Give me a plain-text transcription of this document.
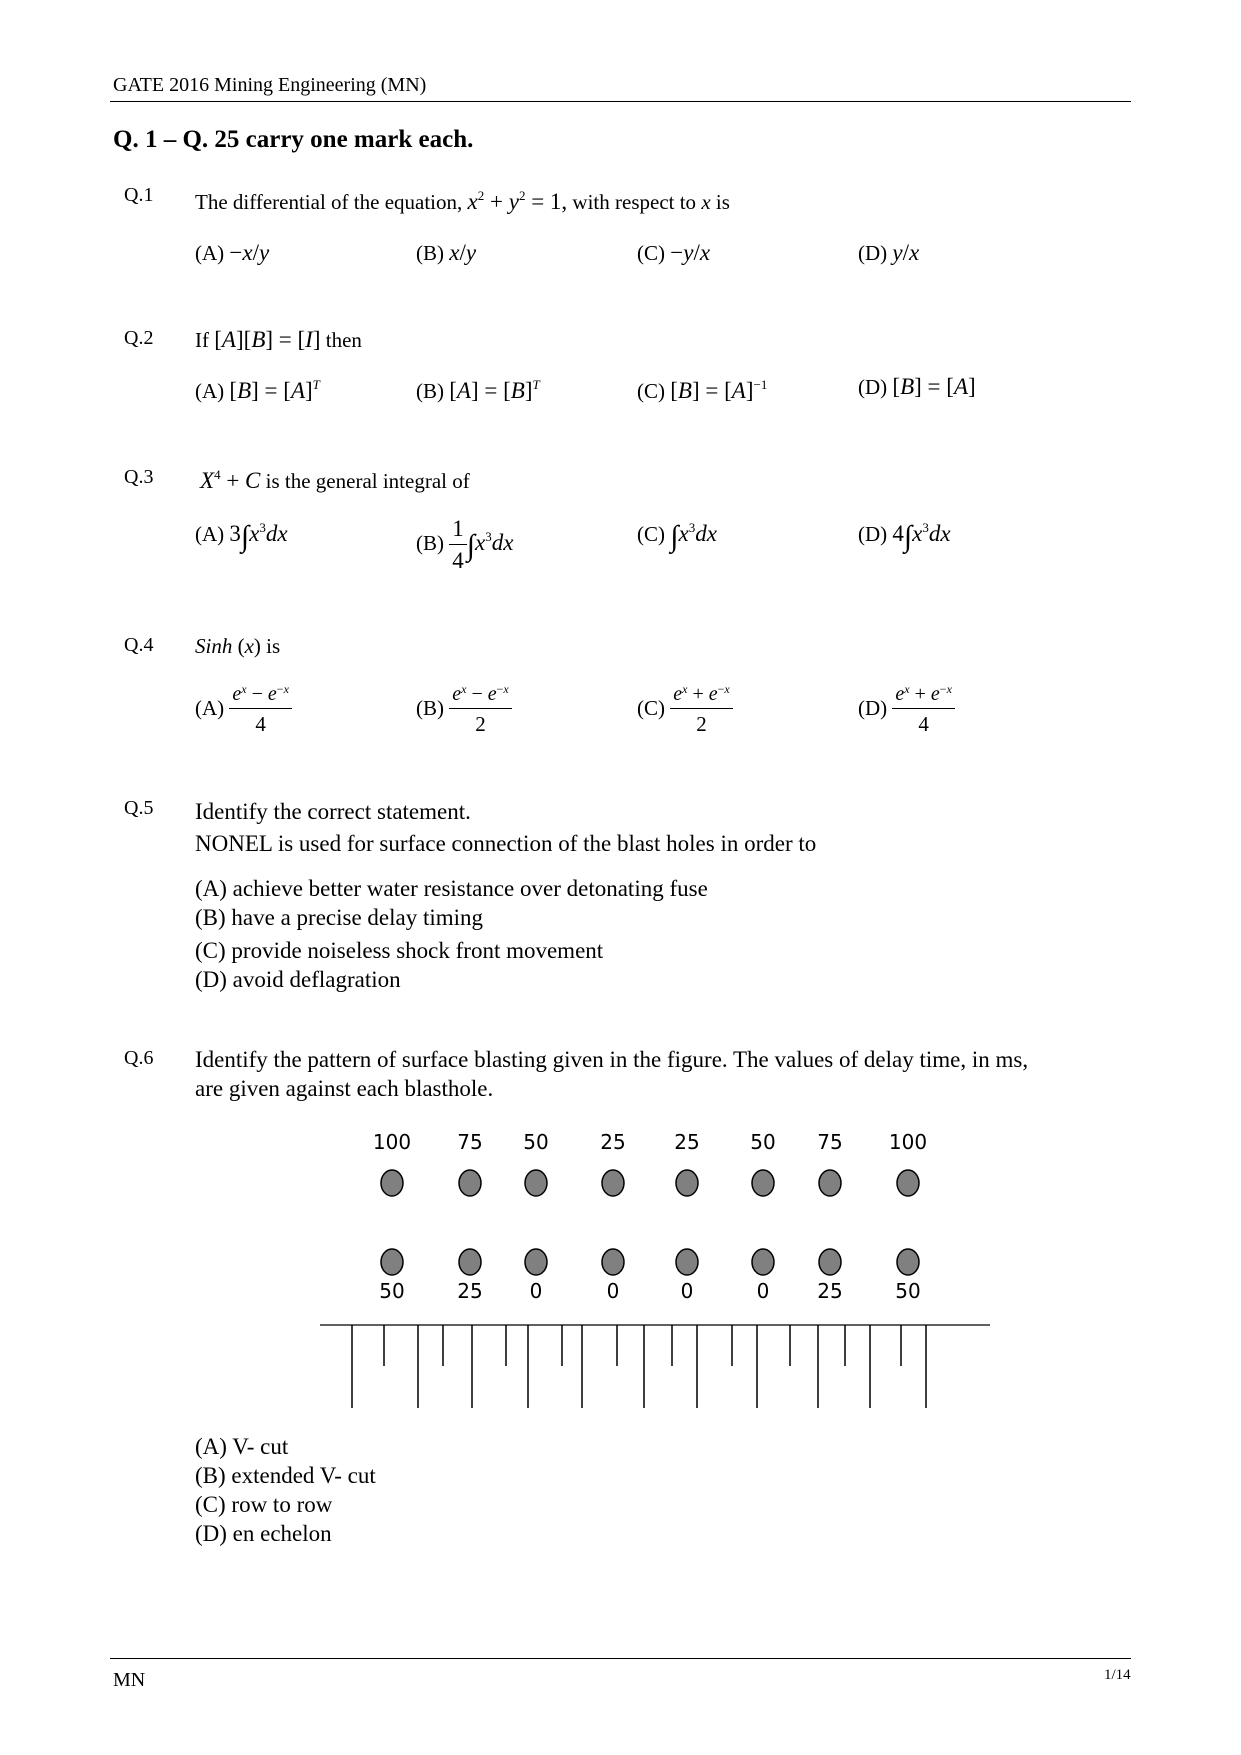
GATE 2016 Mining Engineering (MN)
Q. 1 – Q. 25 carry one mark each.
Q.1 The differential of the equation, $x^2 + y^2 = 1$, with respect to x is
(A) −x/y	(B) x/y	(C) −y/x	(D) y/x
Q.2 If [A][B] = [I] then
(A) $[B] = [A]^T$	(B) $[A] = [B]^T$	(C) $[B] = [A]^{-1}$	(D) [B] = [A]
Q.3 $X^4 + C$ is the general integral of
(A) $3\int x^3dx$	$(B) \frac{1}{4} \int x^3dx$	(C) $\int x^3dx$	(D) $4\int x^3dx$
Q.4 Sinh (x) is
$(A) \frac{e^x - e^{-x}}{4}$	$(B) \frac{e^x - e^{-x}}{2}$	$(C) \frac{e^x + e^{-x}}{2}$	$(D) \frac{e^x + e^{-x}}{4}$
Q.5 Identify the correct statement.
NONEL is used for surface connection of the blast holes in order to
(A) achieve better water resistance over detonating fuse
(B) have a precise delay timing
(C) provide noiseless shock front movement
(D) avoid deflagration
Q.6 Identify the pattern of surface blasting given in the figure. The values of delay time, in ms,
are given against each blasthole.
100 75 50	25 25	50 75 100
50	25 0	0	0	0 25	50
(A) V- cut
(B) extended V- cut
(C) row to row
(D) en echelon
MN	1/14
